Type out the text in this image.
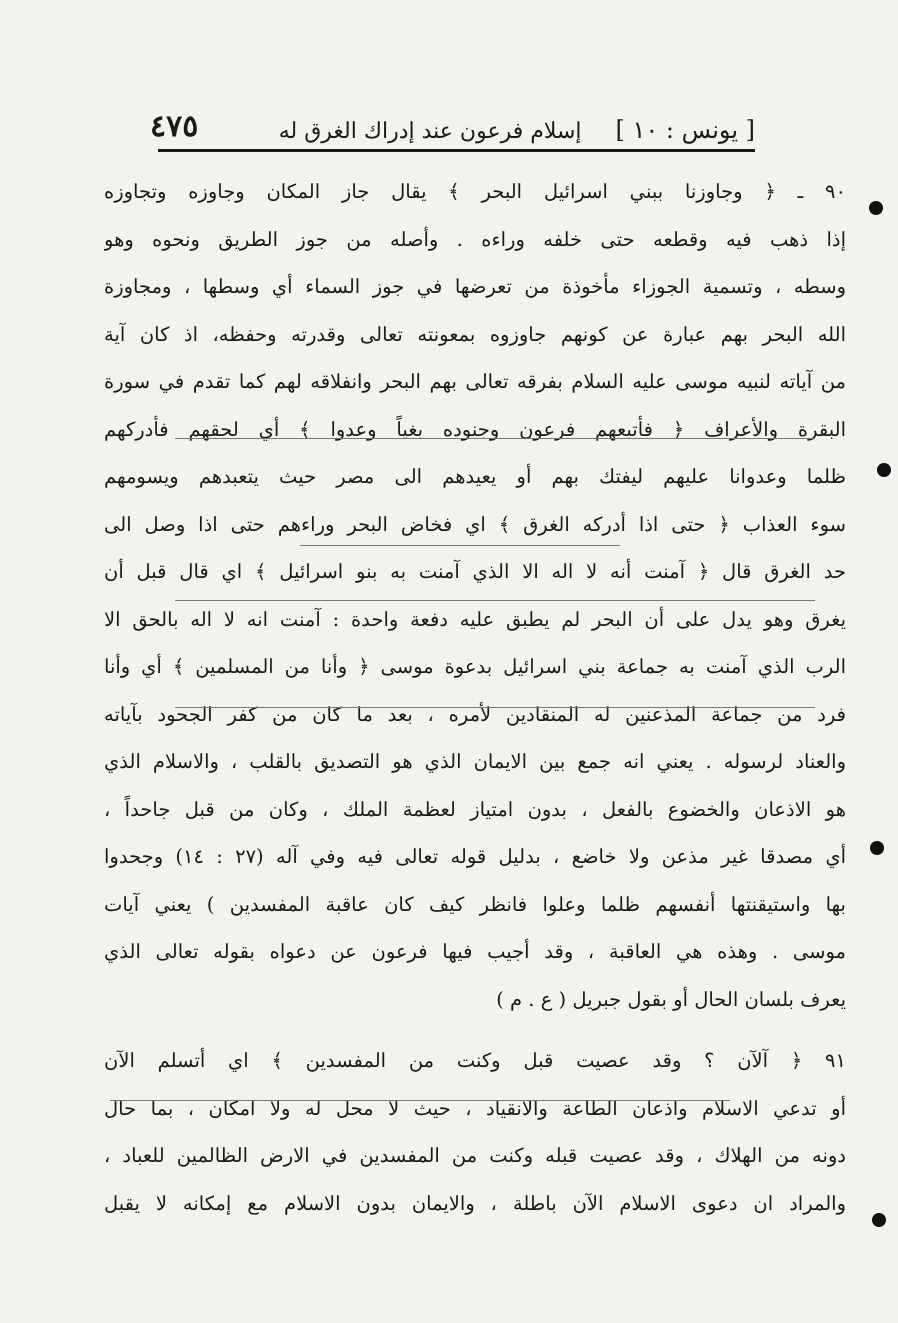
[ يونس : ١٠ ]
إسلام فرعون عند إدراك الغرق له
٤٧٥
٩٠ ـ ﴿ وجاوزنا ببني اسرائيل البحر ﴾ يقال جاز المكان وجاوزه وتجاوزه
إذا ذهب فيه وقطعه حتى خلفه وراءه . وأصله من جوز الطريق ونحوه وهو
وسطه ، وتسمية الجوزاء مأخوذة من تعرضها في جوز السماء أي وسطها ، ومجاوزة
الله البحر بهم عبارة عن كونهم جاوزوه بمعونته تعالى وقدرته وحفظه، اذ كان آية
من آياته لنبيه موسى عليه السلام بفرقه تعالى بهم البحر وانفلاقه لهم كما تقدم في سورة
البقرة والأعراف ﴿ فأتبعهم فرعون وجنوده بغياً وعدوا ﴾ أي لحقهم فأدركهم
ظلما وعدوانا عليهم ليفتك بهم أو يعيدهم الى مصر حيث يتعبدهم ويسومهم
سوء العذاب ﴿ حتى اذا أدركه الغرق ﴾ اي فخاض البحر وراءهم حتى اذا وصل الى
حد الغرق قال ﴿ آمنت أنه لا اله الا الذي آمنت به بنو اسرائيل ﴾ اي قال قبل أن
يغرق وهو يدل على أن البحر لم يطبق عليه دفعة واحدة : آمنت انه لا اله بالحق الا
الرب الذي آمنت به جماعة بني اسرائيل بدعوة موسى ﴿ وأنا من المسلمين ﴾ أي وأنا
فرد من جماعة المذعنين له المنقادين لأمره ، بعد ما كان من كفر الجحود بآياته
والعناد لرسوله . يعني انه جمع بين الايمان الذي هو التصديق بالقلب ، والاسلام الذي
هو الاذعان والخضوع بالفعل ، بدون امتياز لعظمة الملك ، وكان من قبل جاحداً ،
أي مصدقا غير مذعن ولا خاضع ، بدليل قوله تعالى فيه وفي آله (٢٧ : ١٤) وجحدوا
بها واستيقنتها أنفسهم ظلما وعلوا فانظر كيف كان عاقبة المفسدين ) يعني آيات
موسى . وهذه هي العاقبة ، وقد أجيب فيها فرعون عن دعواه بقوله تعالى الذي
يعرف بلسان الحال أو بقول جبريل ( ع . م )
٩١ ﴿ آلآن ؟ وقد عصيت قبل وكنت من المفسدين ﴾ اي أتسلم الآن
أو تدعي الاسلام واذعان الطاعة والانقياد ، حيث لا محل له ولا امكان ، بما حال
دونه من الهلاك ، وقد عصيت قبله وكنت من المفسدين في الارض الظالمين للعباد ،
والمراد ان دعوى الاسلام الآن باطلة ، والايمان بدون الاسلام مع إمكانه لا يقبل
